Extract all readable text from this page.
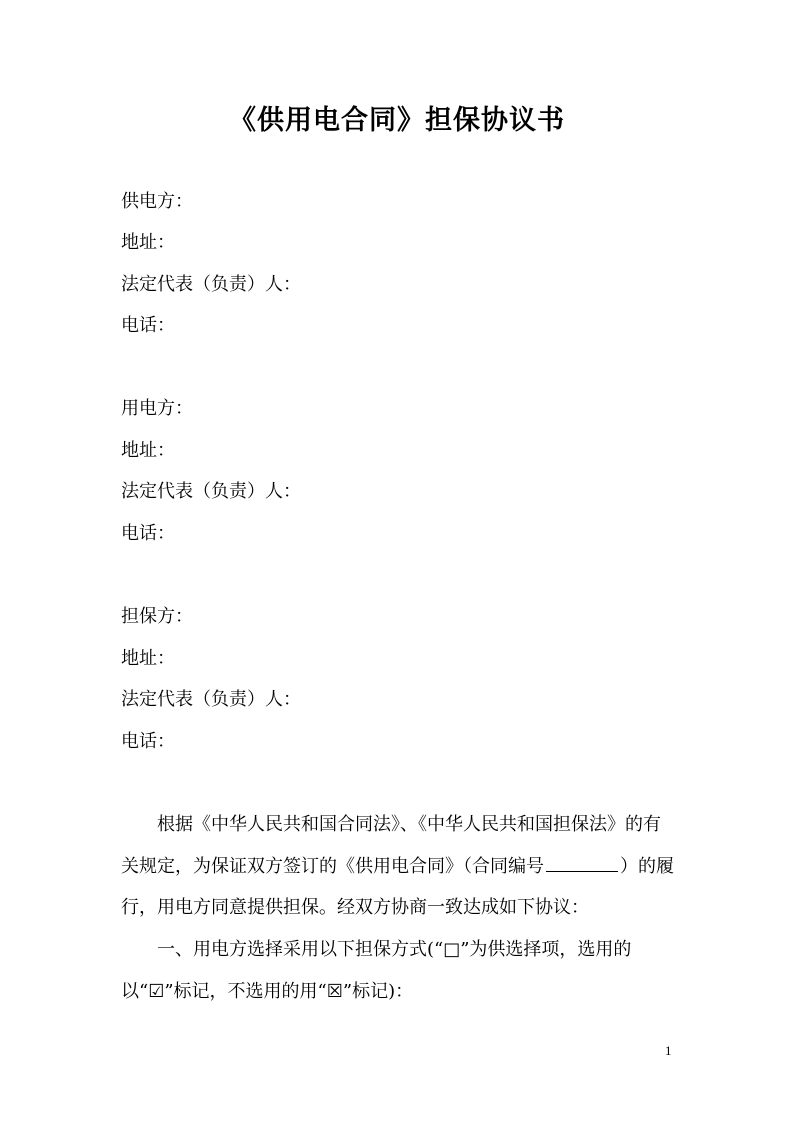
《供用电合同》担保协议书
供电方：
地址：
法定代表（负责）人：
电话：
用电方：
地址：
法定代表（负责）人：
电话：
担保方：
地址：
法定代表（负责）人：
电话：
根据《中华人民共和国合同法》、《中华人民共和国担保法》的有
关规定，为保证双方签订的《供用电合同》（合同编号	）的履
行，用电方同意提供担保。经双方协商一致达成如下协议：
一、用电方选择采用以下担保方式(“□”为供选择项，选用的
以“☑”标记，不选用的用“☒”标记)：
1
